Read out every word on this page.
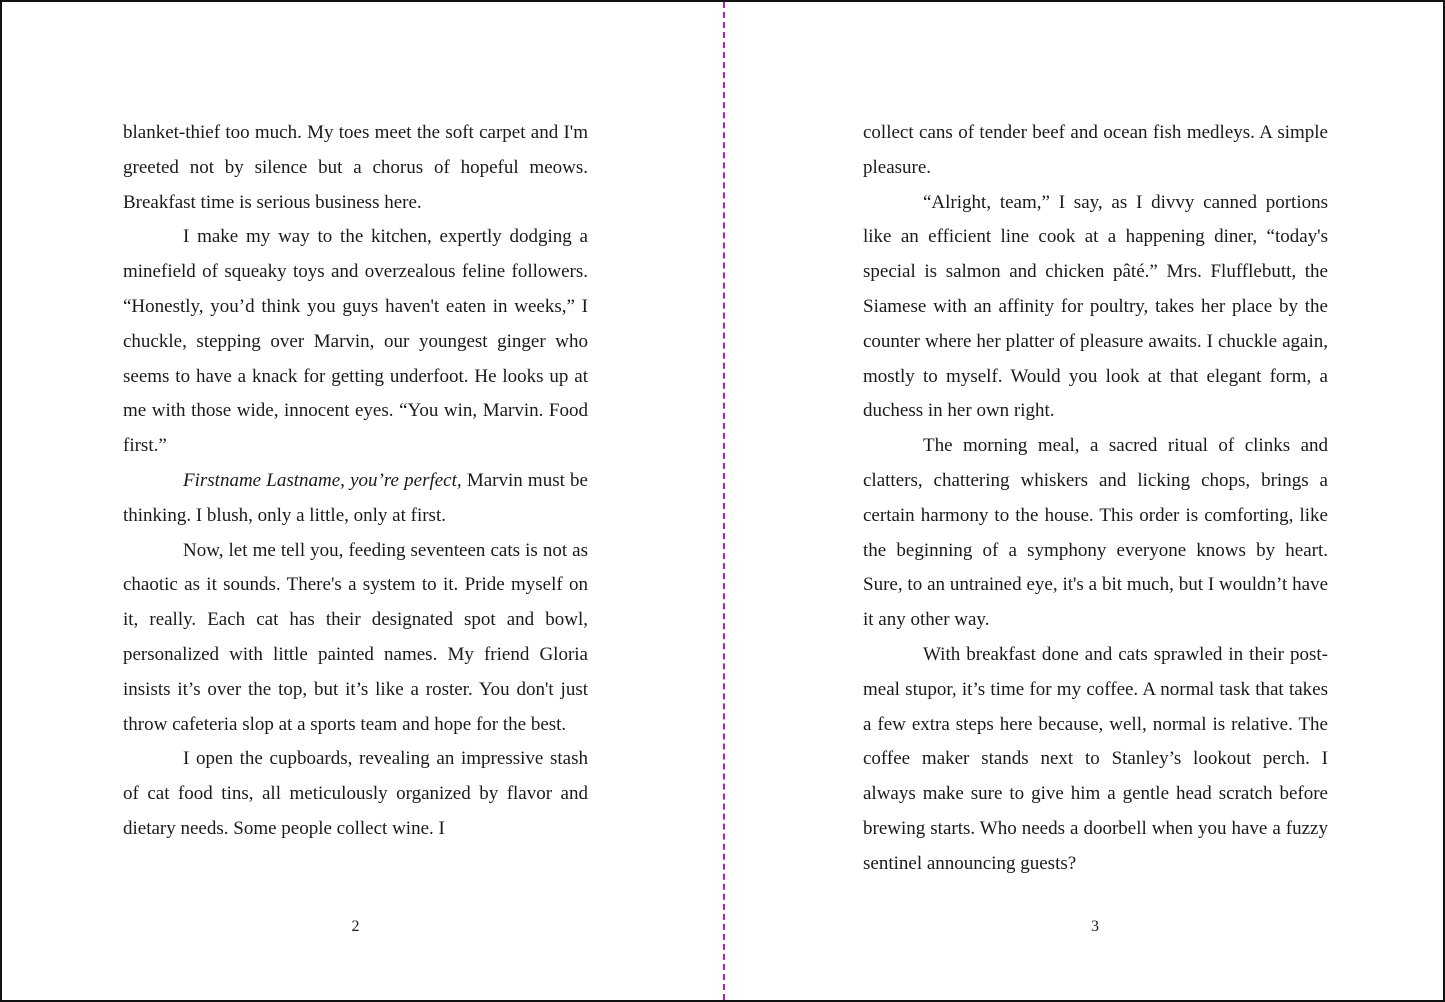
blanket-thief too much. My toes meet the soft carpet and I'm greeted not by silence but a chorus of hopeful meows. Breakfast time is serious business here.

I make my way to the kitchen, expertly dodging a minefield of squeaky toys and overzealous feline followers. “Honestly, you’d think you guys haven't eaten in weeks,” I chuckle, stepping over Marvin, our youngest ginger who seems to have a knack for getting underfoot. He looks up at me with those wide, innocent eyes. “You win, Marvin. Food first.”

Firstname Lastname, you’re perfect, Marvin must be thinking. I blush, only a little, only at first.

Now, let me tell you, feeding seventeen cats is not as chaotic as it sounds. There's a system to it. Pride myself on it, really. Each cat has their designated spot and bowl, personalized with little painted names. My friend Gloria insists it’s over the top, but it’s like a roster. You don't just throw cafeteria slop at a sports team and hope for the best.

I open the cupboards, revealing an impressive stash of cat food tins, all meticulously organized by flavor and dietary needs. Some people collect wine. I

2

collect cans of tender beef and ocean fish medleys. A simple pleasure.

“Alright, team,” I say, as I divvy canned portions like an efficient line cook at a happening diner, “today's special is salmon and chicken pâté.” Mrs. Flufflebutt, the Siamese with an affinity for poultry, takes her place by the counter where her platter of pleasure awaits. I chuckle again, mostly to myself. Would you look at that elegant form, a duchess in her own right.

The morning meal, a sacred ritual of clinks and clatters, chattering whiskers and licking chops, brings a certain harmony to the house. This order is comforting, like the beginning of a symphony everyone knows by heart. Sure, to an untrained eye, it's a bit much, but I wouldn’t have it any other way.

With breakfast done and cats sprawled in their post-meal stupor, it’s time for my coffee. A normal task that takes a few extra steps here because, well, normal is relative. The coffee maker stands next to Stanley’s lookout perch. I always make sure to give him a gentle head scratch before brewing starts. Who needs a doorbell when you have a fuzzy sentinel announcing guests?

3
